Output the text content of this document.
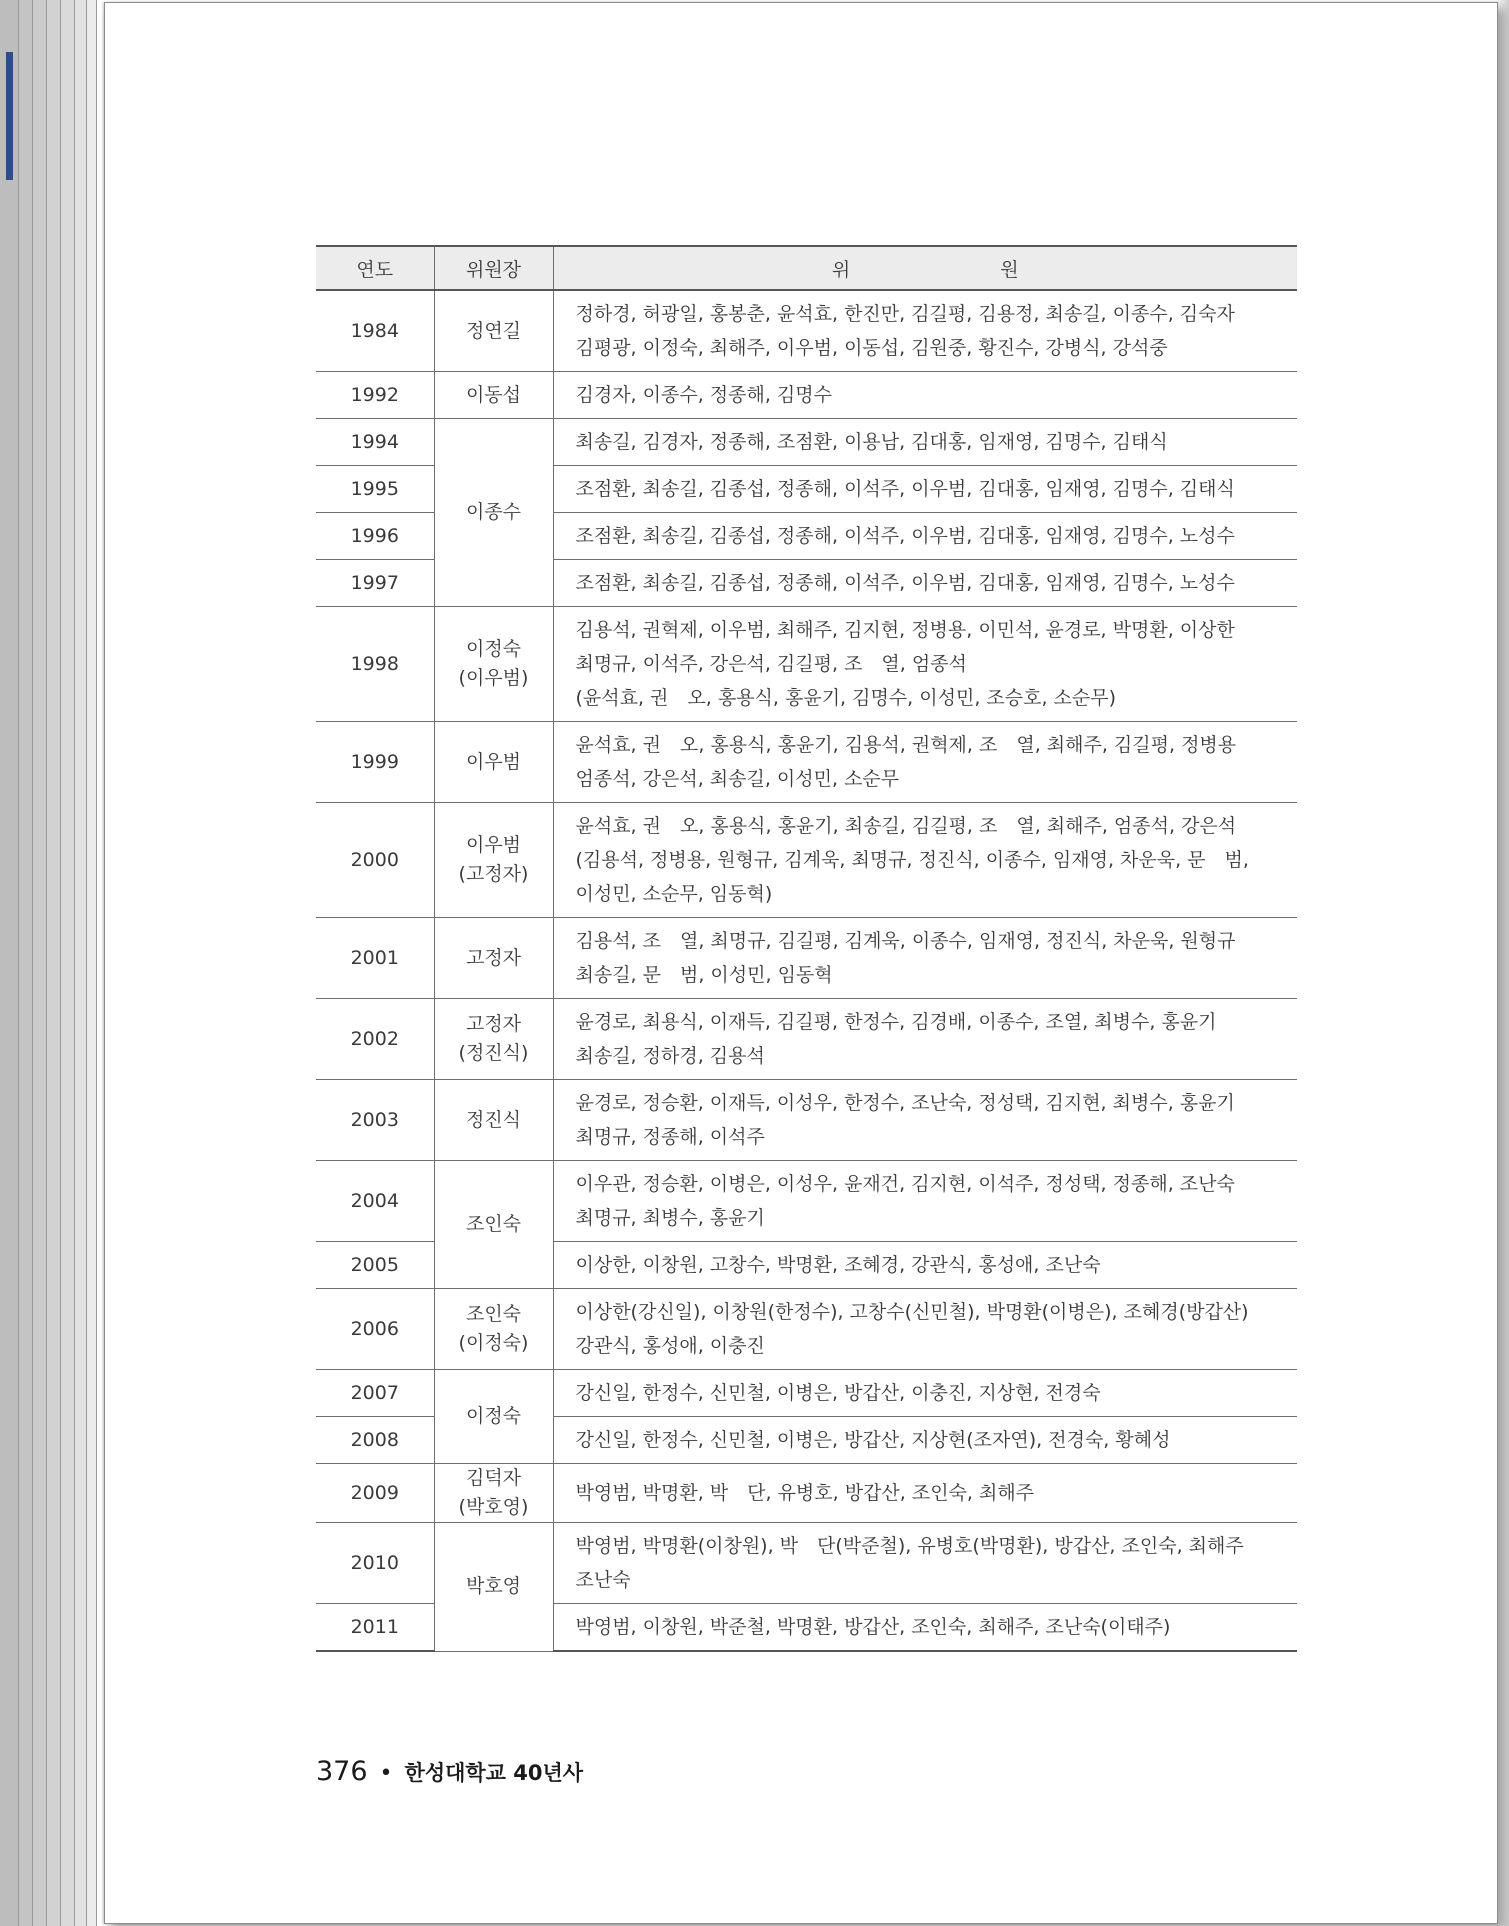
연도	위원장	위 원
1984	정연길	정하경, 허광일, 홍봉춘, 윤석효, 한진만, 김길평, 김용정, 최송길, 이종수, 김숙자
김평광, 이정숙, 최해주, 이우범, 이동섭, 김원중, 황진수, 강병식, 강석중

1992	이동섭	김경자, 이종수, 정종해, 김명수

1994	이종수	최송길, 김경자, 정종해, 조점환, 이용남, 김대홍, 임재영, 김명수, 김태식

1995		조점환, 최송길, 김종섭, 정종해, 이석주, 이우범, 김대홍, 임재영, 김명수, 김태식

1996		조점환, 최송길, 김종섭, 정종해, 이석주, 이우범, 김대홍, 임재영, 김명수, 노성수

1997		조점환, 최송길, 김종섭, 정종해, 이석주, 이우범, 김대홍, 임재영, 김명수, 노성수

1998	이정숙
(이우범)	김용석, 권혁제, 이우범, 최해주, 김지현, 정병용, 이민석, 윤경로, 박명환, 이상한
최명규, 이석주, 강은석, 김길평, 조　열, 엄종석
(윤석효, 권　오, 홍용식, 홍윤기, 김명수, 이성민, 조승호, 소순무)

1999	이우범	윤석효, 권　오, 홍용식, 홍윤기, 김용석, 권혁제, 조　열, 최해주, 김길평, 정병용
엄종석, 강은석, 최송길, 이성민, 소순무

2000	이우범
(고정자)	윤석효, 권　오, 홍용식, 홍윤기, 최송길, 김길평, 조　열, 최해주, 엄종석, 강은석
(김용석, 정병용, 원형규, 김계욱, 최명규, 정진식, 이종수, 임재영, 차운욱, 문　범,
이성민, 소순무, 임동혁)

2001	고정자	김용석, 조　열, 최명규, 김길평, 김계욱, 이종수, 임재영, 정진식, 차운욱, 원형규
최송길, 문　범, 이성민, 임동혁

2002	고정자
(정진식)	윤경로, 최용식, 이재득, 김길평, 한정수, 김경배, 이종수, 조열, 최병수, 홍윤기
최송길, 정하경, 김용석

2003	정진식	윤경로, 정승환, 이재득, 이성우, 한정수, 조난숙, 정성택, 김지현, 최병수, 홍윤기
최명규, 정종해, 이석주

2004	조인숙	이우관, 정승환, 이병은, 이성우, 윤재건, 김지현, 이석주, 정성택, 정종해, 조난숙
최명규, 최병수, 홍윤기

2005		이상한, 이창원, 고창수, 박명환, 조혜경, 강관식, 홍성애, 조난숙

2006	조인숙
(이정숙)	이상한(강신일), 이창원(한정수), 고창수(신민철), 박명환(이병은), 조혜경(방갑산)
강관식, 홍성애, 이충진

2007	이정숙	강신일, 한정수, 신민철, 이병은, 방갑산, 이충진, 지상현, 전경숙

2008		강신일, 한정수, 신민철, 이병은, 방갑산, 지상현(조자연), 전경숙, 황혜성

2009	김덕자
(박호영)	박영범, 박명환, 박　단, 유병호, 방갑산, 조인숙, 최해주

2010	박호영	박영범, 박명환(이창원), 박　단(박준철), 유병호(박명환), 방갑산, 조인숙, 최해주
조난숙

2011		박영범, 이창원, 박준철, 박명환, 방갑산, 조인숙, 최해주, 조난숙(이태주)
376 • 한성대학교 40년사
